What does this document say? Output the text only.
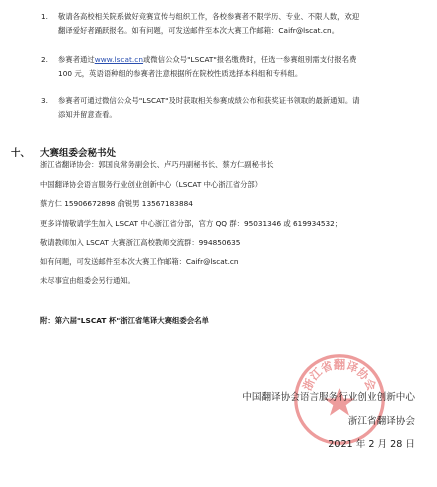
1. 敬请各高校相关院系做好竞赛宣传与组织工作，各校参赛者不限学历、专业、不限人数，欢迎

翻译爱好者踊跃报名。如有问题，可发送邮件至本次大赛工作邮箱：Caifr@lscat.cn。

2. 参赛者通过www.lscat.cn或微信公众号"LSCAT"报名缴费时，任选一参赛组别需支付报名费

100 元，英语语种组的参赛者注意根据所在院校性质选择本科组和专科组。

3. 参赛者可通过微信公众号"LSCAT"及时获取相关参赛成绩公布和获奖证书领取的最新通知。请

添知并留意查看。

十、 大赛组委会秘书处
浙江省翻译协会：郭国良常务副会长、卢巧丹副秘书长、蔡方仁副秘书长
中国翻译协会语言服务行业创业创新中心（LSCAT 中心浙江省分部）
蔡方仁 15906672898 俞锐男 13567183884
更多详情敬请学生加入 LSCAT 中心浙江省分部，官方 QQ 群：95031346 或 619934532；
敬请教师加入 LSCAT 大赛浙江高校教师交流群：994850635
如有问题，可发送邮件至本次大赛工作邮箱：Caifr@lscat.cn
未尽事宜由组委会另行通知。
附：第六届"LSCAT 杯"浙江省笔译大赛组委会名单
浙江省翻译协会
中国翻译协会语言服务行业创业创新中心
浙江省翻译协会
2021 年 2 月 28 日
